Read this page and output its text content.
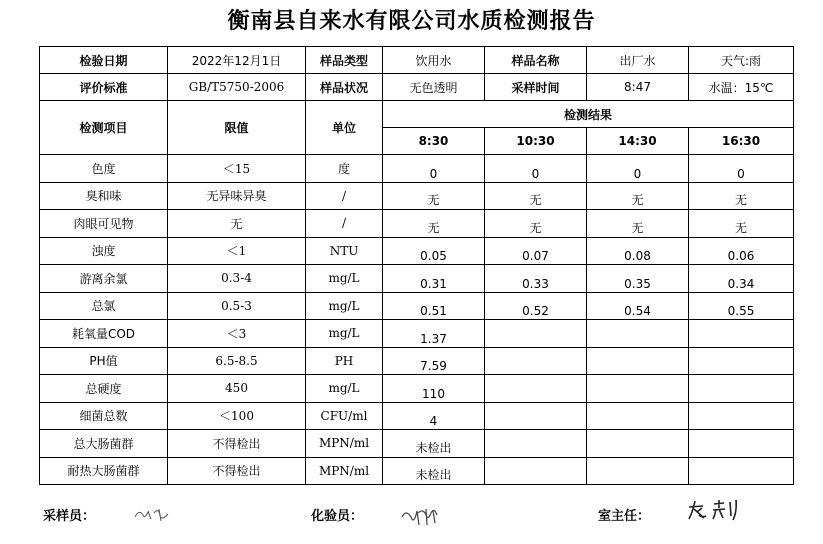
衡南县自来水有限公司水质检测报告
检验日期	2022年12月1日	样品类型	饮用水	样品名称	出厂水	天气:雨
评价标准	GB/T5750-2006	样品状况	无色透明	采样时间	8:47	水温：15℃
检测项目	限值	单位	检测结果			
			8:30	10:30	14:30	16:30
色度	＜15	度	0	0	0	0
臭和味	无异味异臭	/	无	无	无	无
肉眼可见物	无	/	无	无	无	无
浊度	＜1	NTU	0.05	0.07	0.08	0.06
游离余氯	0.3-4	mg/L	0.31	0.33	0.35	0.34
总氯	0.5-3	mg/L	0.51	0.52	0.54	0.55
耗氧量COD	＜3	mg/L	1.37			
PH值	6.5-8.5	PH	7.59			
总硬度	450	mg/L	110			
细菌总数	＜100	CFU/ml	4			
总大肠菌群	不得检出	MPN/ml	未检出			
耐热大肠菌群	不得检出	MPN/ml	未检出			
采样员：	化验员：	室主任：
